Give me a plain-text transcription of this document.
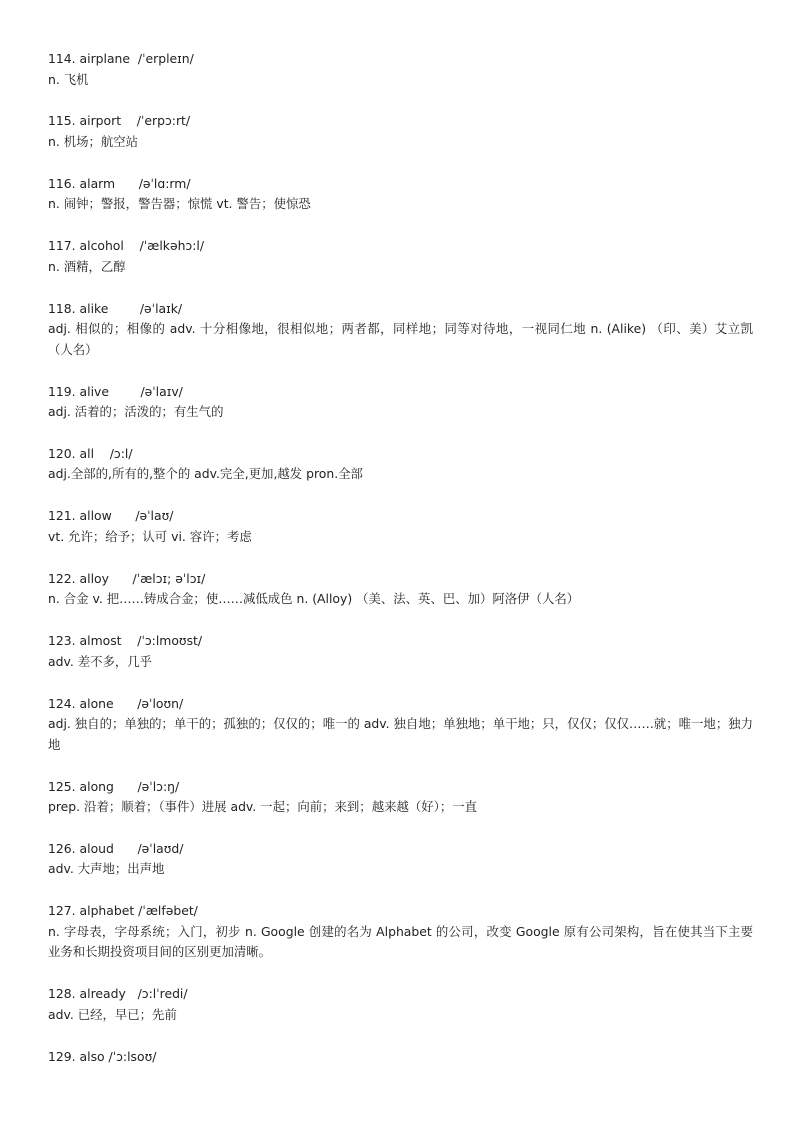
114. airplane  /ˈerpleɪn/
n. 飞机
115. airport    /ˈerpɔ:rt/
n. 机场；航空站
116. alarm      /əˈlɑ:rm/
n. 闹钟；警报，警告器；惊慌 vt. 警告；使惊恐
117. alcohol    /ˈælkəhɔ:l/
n. 酒精，乙醇
118. alike        /əˈlaɪk/
adj. 相似的；相像的 adv. 十分相像地，很相似地；两者都，同样地；同等对待地，一视同仁地 n. (Alike) （印、美）艾立凯（人名）
119. alive        /əˈlaɪv/
adj. 活着的；活泼的；有生气的
120. all    /ɔ:l/
adj.全部的,所有的,整个的 adv.完全,更加,越发 pron.全部
121. allow      /əˈlaʊ/
vt. 允许；给予；认可 vi. 容许；考虑
122. alloy      /ˈælɔɪ; əˈlɔɪ/
n. 合金 v. 把……铸成合金；使……减低成色 n. (Alloy) （美、法、英、巴、加）阿洛伊（人名）
123. almost    /ˈɔ:lmoʊst/
adv. 差不多，几乎
124. alone      /əˈloʊn/
adj. 独自的；单独的；单干的；孤独的；仅仅的；唯一的 adv. 独自地；单独地；单干地；只，仅仅；仅仅……就；唯一地；独力地
125. along      /əˈlɔ:ŋ/
prep. 沿着；顺着；（事件）进展 adv. 一起；向前；来到；越来越（好）；一直
126. aloud      /əˈlaʊd/
adv. 大声地；出声地
127. alphabet /ˈælfəbet/
n. 字母表，字母系统；入门，初步 n. Google 创建的名为 Alphabet 的公司，改变 Google 原有公司架构，旨在使其当下主要业务和长期投资项目间的区别更加清晰。
128. already   /ɔ:lˈredi/
adv. 已经，早已；先前
129. also /ˈɔ:lsoʊ/
